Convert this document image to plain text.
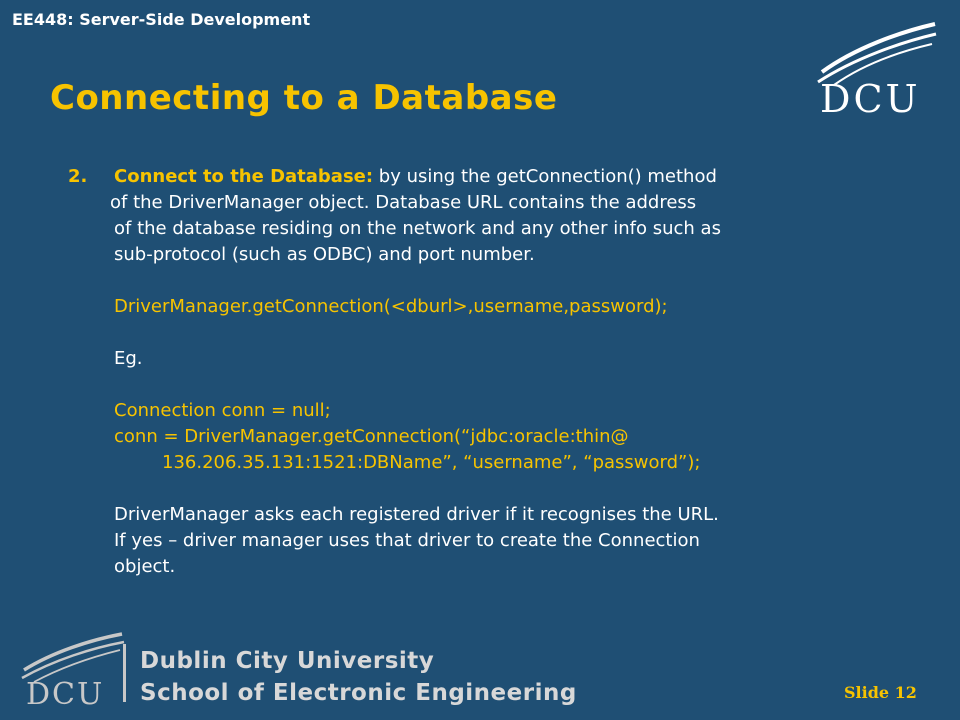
EE448: Server-Side Development
Connecting to a Database	DCU
2. Connect to the Database: by using the getConnection() method
of the DriverManager object. Database URL contains the address
of the database residing on the network and any other info such as
sub-protocol (such as ODBC) and port number.
DriverManager.getConnection(<dburl>,username,password);
Eg.
Connection conn = null;
conn = DriverManager.getConnection(“jdbc:oracle:thin@
136.206.35.131:1521:DBName”, “username”, “password”);
DriverManager asks each registered driver if it recognises the URL.
If yes – driver manager uses that driver to create the Connection
object.
DCU
Dublin City University
School of Electronic Engineering	Slide 12
